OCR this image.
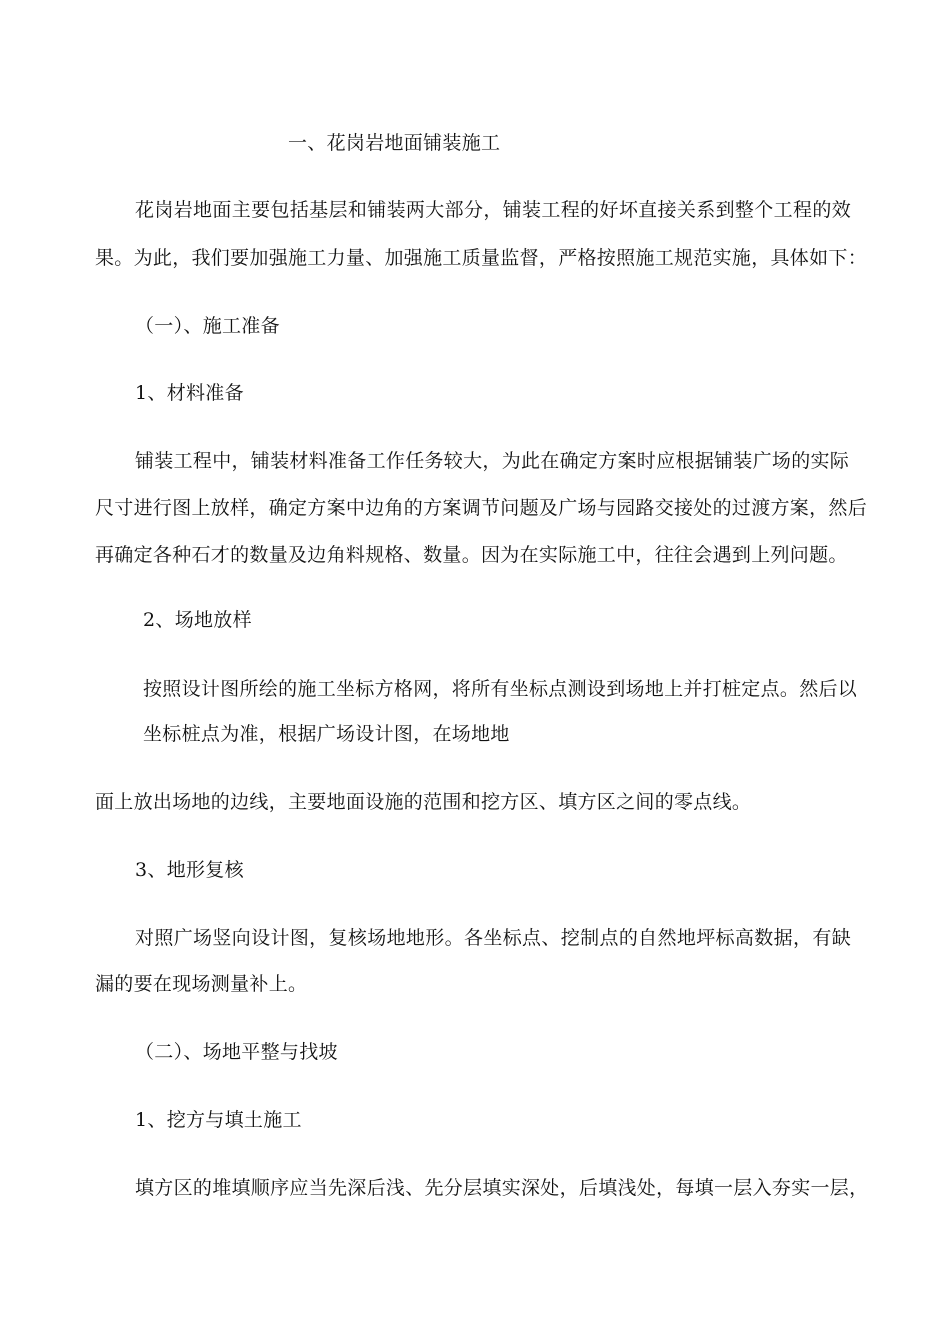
一、花岗岩地面铺装施工
花岗岩地面主要包括基层和铺装两大部分，铺装工程的好坏直接关系到整个工程的效
果。为此，我们要加强施工力量、加强施工质量监督，严格按照施工规范实施，具体如下：
（一）、施工准备
1、材料准备
铺装工程中，铺装材料准备工作任务较大，为此在确定方案时应根据铺装广场的实际
尺寸进行图上放样，确定方案中边角的方案调节问题及广场与园路交接处的过渡方案，然后
再确定各种石才的数量及边角料规格、数量。因为在实际施工中，往往会遇到上列问题。
2、场地放样
按照设计图所绘的施工坐标方格网，将所有坐标点测设到场地上并打桩定点。然后以
坐标桩点为准，根据广场设计图，在场地地
面上放出场地的边线，主要地面设施的范围和挖方区、填方区之间的零点线。
3、地形复核
对照广场竖向设计图，复核场地地形。各坐标点、挖制点的自然地坪标高数据，有缺
漏的要在现场测量补上。
（二）、场地平整与找坡
1、挖方与填土施工
填方区的堆填顺序应当先深后浅、先分层填实深处，后填浅处，每填一层入夯实一层，
